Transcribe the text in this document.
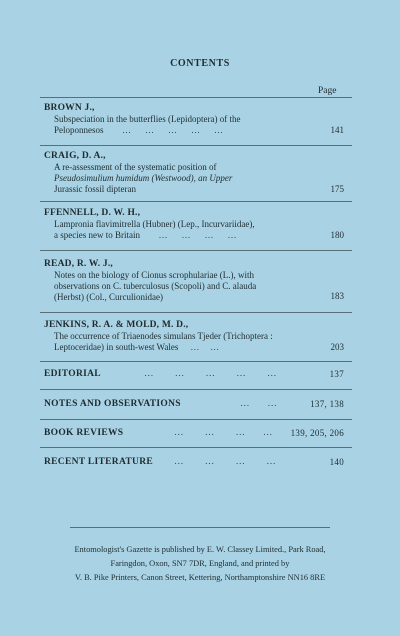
CONTENTS
Page
BROWN J.,
Subspeciation in the butterflies (Lepidoptera) of the
Peloponnesos      …    …    …    …    …	141
CRAIG, D. A.,
A re-assessment of the systematic position of
Pseudosimulium humidum (Westwood), an Upper
Jurassic fossil dipteran	175
FFENNELL, D. W. H.,
Lampronia flavimitrella (Hubner) (Lep., Incurvariidae),
a species new to Britain      …    …    …    …	180
READ, R. W. J.,
Notes on the biology of Cionus scrophulariae (L.), with
observations on C. tuberculosus (Scopoli) and C. alauda
(Herbst) (Col., Curculionidae)	183
JENKINS, R. A. & MOLD, M. D.,
The occurrence of Triaenodes simulans Tjeder (Trichoptera :
Leptoceridae) in south-west Wales    …   …	203
EDITORIAL	…      …      …      …      …	137
NOTES AND OBSERVATIONS	…     …	137, 138
BOOK REVIEWS	…      …      …     … 139, 205, 206
RECENT LITERATURE …      …      …      …	140
Entomologist's Gazette is published by E. W. Classey Limited., Park Road,
Faringdon, Oxon, SN7 7DR, England, and printed by
V. B. Pike Printers, Canon Street, Kettering, Northamptonshire NN16 8RE
